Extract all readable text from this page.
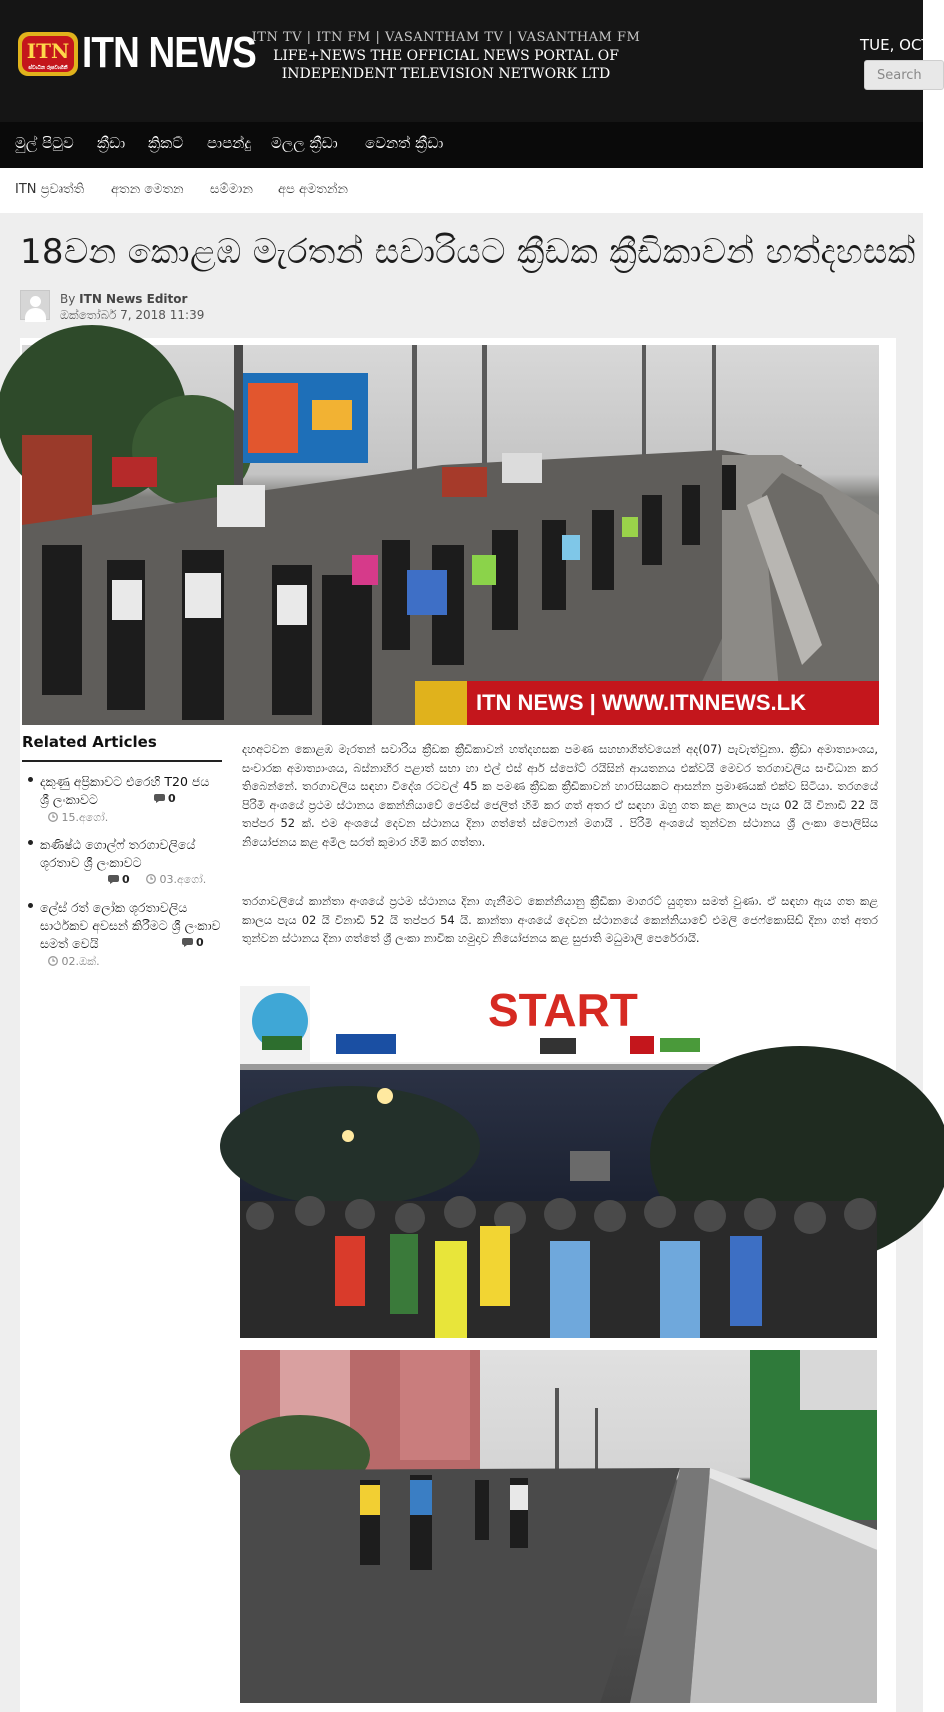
ITN
ස්වාධීන රූපවාහිනී ITN NEWS
ITN TV | ITN FM | VASANTHAM TV | VASANTHAM FM
LIFE+NEWS THE OFFICIAL NEWS PORTAL OF
INDEPENDENT TELEVISION NETWORK LTD
TUE, OCT
Search
මුල් පිටුව ක්‍රීඩා ක්‍රිකට් පාපන්දු මලල ක්‍රීඩා වෙනත් ක්‍රීඩා
ITN ප්‍රවෘත්ති අතන මෙතන සම්මාන අප අමතන්න
18වන කොළඹ මැරතන් සවාරියට ක්‍රීඩක ක්‍රීඩිකාවන් හත්දහසක්
By ITN News Editor
ඔක්තෝබර් 7, 2018 11:39
ITN NEWS | WWW.ITNNEWS.LK
Related Articles
දකුණු අප්‍රිකාවට එරෙහි T20 ජය ශ්‍රී ලංකාවට	0
15.අගෝ.
කණිෂ්ඨ ගොල්ෆ් තරගාවලියේ ශූරතාව ශ්‍රී ලංකාවට
0	03.අගෝ.
ලේස් රත් ලෝක ශූරතාවලිය සාර්ථකව අවසන් කිරීමට ශ්‍රී ලංකාව සමත් වෙයි	0
02.ඔක්.
දහඅටවන කොළඹ මැරතන් සවාරිය ක්‍රීඩක ක්‍රීඩිකාවන් හත්දහසක පමණ සහභාගිත්වයෙන් අද(07) පැවැත්වුනා. ක්‍රීඩා අමාත්‍යාංශය, සංචාරක අමාත්‍යාංශය, බස්නාහිර පළාත් සභා හා එල් එස් ආර් ස්පෝට් රයිසින් ආයතනය එක්වයි මෙවර තරගාවලිය සංවිධාන කර තිබෙන්නේ. තරගාවලිය සඳහා විදේශ රටවල් 45 ක පමණ ක්‍රීඩක ක්‍රීඩිකාවන් හාරසියකට ආසන්න ප්‍රමාණයක් එක්ව සිටියා. තරගයේ පිරිමි අංශයේ ප්‍රථම ස්ථානය කෙන්නියාවේ ජෙම්ස් ජෙලිත් හිමි කර ගත් අතර ඒ සඳහා ඔහු ගත කළ කාලය පැය 02 යි විනාඩි 22 යි තප්පර 52 ක්. එම අංශයේ දෙවන ස්ථානය දිනා ගත්තේ ස්ටෙෆාන් මගායි . පිරිමි අංශයේ තුන්වන ස්ථානය ශ්‍රී ලංකා පොලිසිය නියෝජනය කළ අමිල සරත් කුමාර හිමි කර ගත්තා.
තරගාවලියේ කාන්තා අංශයේ ප්‍රථම ස්ථානය දිනා ගැනීමට කෙන්නියානු ක්‍රීඩිකා මාගරට් යුගුතා සමත් වුණා. ඒ සඳහා ඇය ගත කළ කාලය පැය 02 යි විනාඩි 52 යි තප්පර 54 යි. කාන්තා අංශයේ දෙවන ස්ථානයේ කෙන්නියාවේ එමලි ජෙෆ්කොසිඩ් දිනා ගත් අතර තුන්වන ස්ථානය දිනා ගත්තේ ශ්‍රී ලංකා නාවික හමුදාව නියෝජනය කළ සුජාති මධුමාලි පෙරේරායි.
START
